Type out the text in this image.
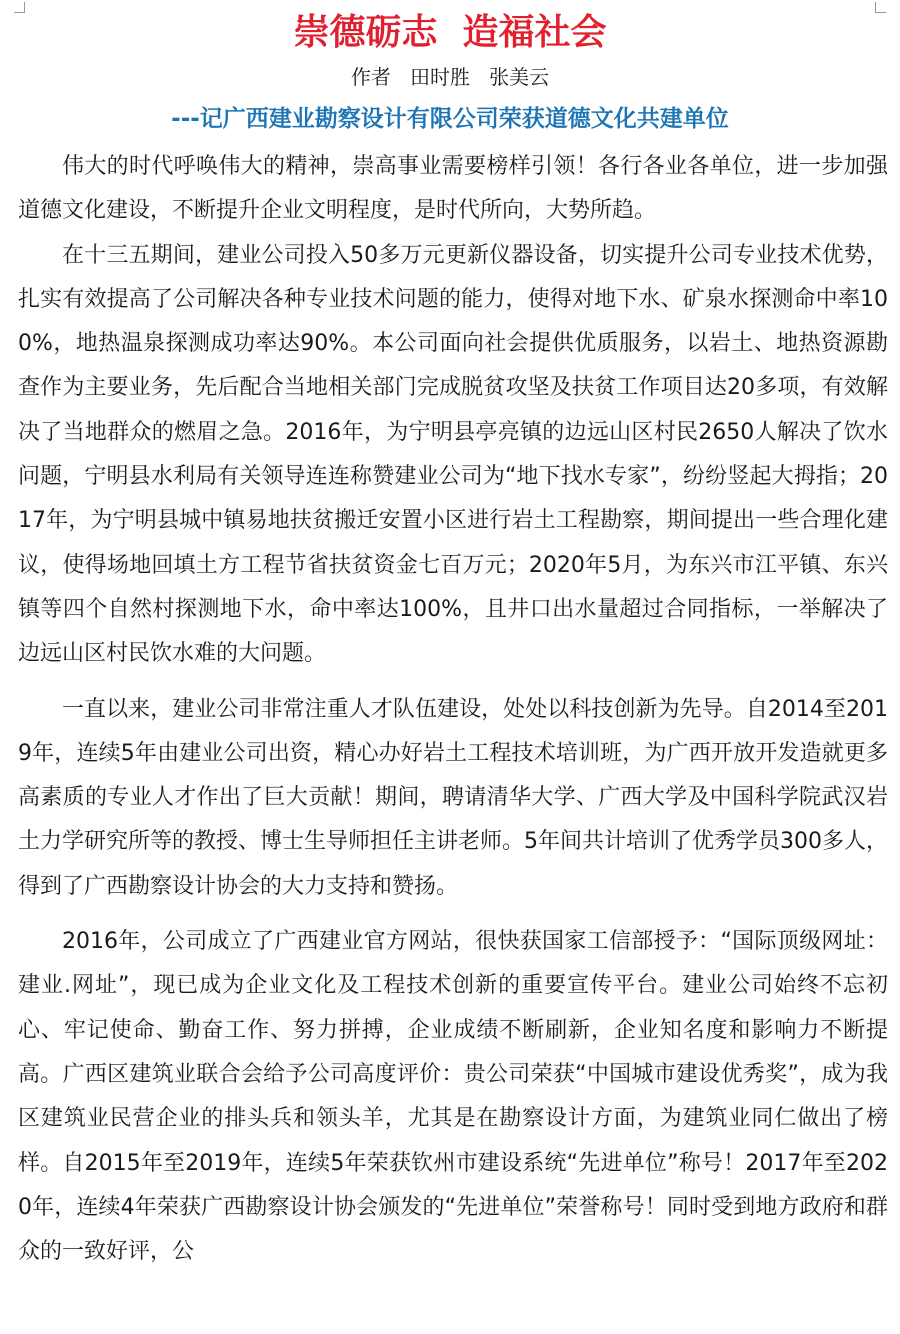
崇德砺志  造福社会
作者   田时胜   张美云
---记广西建业勘察设计有限公司荣获道德文化共建单位

伟大的时代呼唤伟大的精神，崇高事业需要榜样引领！各行各业各单位，进一步加强道德文化建设，不断提升企业文明程度，是时代所向，大势所趋。

在十三五期间，建业公司投入50多万元更新仪器设备，切实提升公司专业技术优势，扎实有效提高了公司解决各种专业技术问题的能力，使得对地下水、矿泉水探测命中率100%，地热温泉探测成功率达90%。本公司面向社会提供优质服务，以岩土、地热资源勘查作为主要业务，先后配合当地相关部门完成脱贫攻坚及扶贫工作项目达20多项，有效解决了当地群众的燃眉之急。2016年，为宁明县亭亮镇的边远山区村民2650人解决了饮水问题，宁明县水利局有关领导连连称赞建业公司为“地下找水专家”，纷纷竖起大拇指；2017年，为宁明县城中镇易地扶贫搬迁安置小区进行岩土工程勘察，期间提出一些合理化建议，使得场地回填土方工程节省扶贫资金七百万元；2020年5月，为东兴市江平镇、东兴镇等四个自然村探测地下水，命中率达100%，且井口出水量超过合同指标，一举解决了边远山区村民饮水难的大问题。

一直以来，建业公司非常注重人才队伍建设，处处以科技创新为先导。自2014至2019年，连续5年由建业公司出资，精心办好岩土工程技术培训班，为广西开放开发造就更多高素质的专业人才作出了巨大贡献！期间，聘请清华大学、广西大学及中国科学院武汉岩土力学研究所等的教授、博士生导师担任主讲老师。5年间共计培训了优秀学员300多人，得到了广西勘察设计协会的大力支持和赞扬。

2016年，公司成立了广西建业官方网站，很快获国家工信部授予：“国际顶级网址：建业.网址”，现已成为企业文化及工程技术创新的重要宣传平台。建业公司始终不忘初心、牢记使命、勤奋工作、努力拼搏，企业成绩不断刷新，企业知名度和影响力不断提高。广西区建筑业联合会给予公司高度评价：贵公司荣获“中国城市建设优秀奖”，成为我区建筑业民营企业的排头兵和领头羊，尤其是在勘察设计方面，为建筑业同仁做出了榜样。自2015年至2019年，连续5年荣获钦州市建设系统“先进单位”称号！2017年至2020年，连续4年荣获广西勘察设计协会颁发的“先进单位”荣誉称号！同时受到地方政府和群众的一致好评，公
